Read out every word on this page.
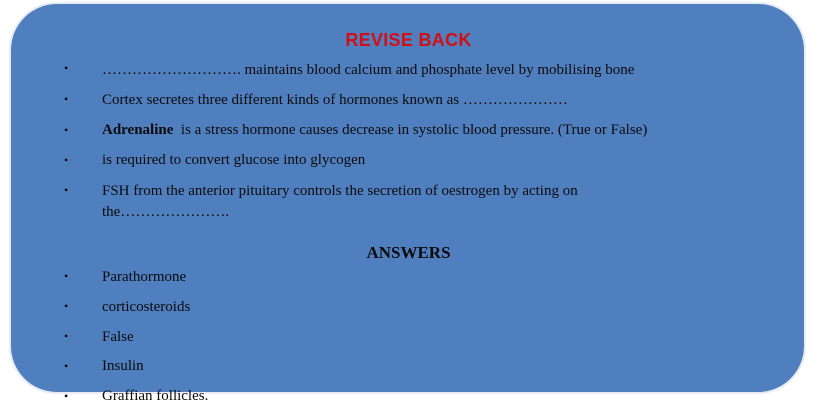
REVISE BACK
• ………………………. maintains blood calcium and phosphate level by mobilising bone
• Cortex secretes three different kinds of hormones known as …………………
• Adrenaline  is a stress hormone causes decrease in systolic blood pressure. (True or False)
• is required to convert glucose into glycogen
• FSH from the anterior pituitary controls the secretion of oestrogen by acting on
the………………….
ANSWERS
• Parathormone
• corticosteroids
• False
• Insulin
• Graffian follicles.
